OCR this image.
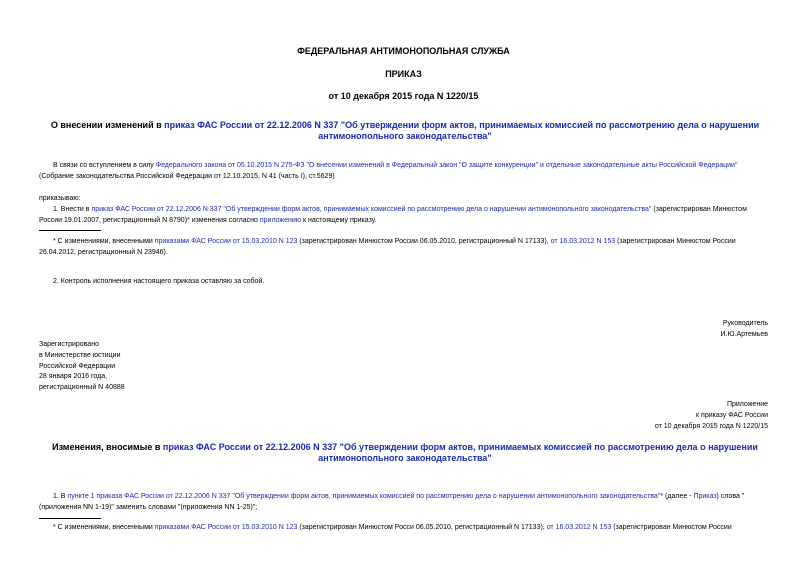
ФЕДЕРАЛЬНАЯ АНТИМОНОПОЛЬНАЯ СЛУЖБА
ПРИКАЗ
от 10 декабря 2015 года N 1220/15
О внесении изменений в приказ ФАС России от 22.12.2006 N 337 "Об утверждении форм актов, принимаемых комиссией по рассмотрению дела о нарушении антимонопольного законодательства"
В связи со вступлением в силу Федерального закона от 05.10.2015 N 275-ФЗ "О внесении изменений в Федеральный закон "О защите конкуренции" и отдельные законодательные акты Российской Федерации" (Собрание законодательства Российской Федерации от 12.10.2015, N 41 (часть I), ст.5629)
приказываю:
1. Внести в приказ ФАС России от 22.12.2006 N 337 "Об утверждении форм актов, принимаемых комиссией по рассмотрению дела о нарушении антимонопольного законодательства" (зарегистрирован Минюстом России 19.01.2007, регистрационный N 8790)* изменения согласно приложению к настоящему приказу.
* С изменениями, внесенными приказами ФАС России от 15.03.2010 N 123 (зарегистрирован Минюстом России 06.05.2010, регистрационный N 17133), от 16.03.2012 N 153 (зарегистрирован Минюстом России 26.04.2012, регистрационный N 23946).
2. Контроль исполнения настоящего приказа оставляю за собой.
Руководитель
И.Ю.Артемьев
Зарегистрировано
в Министерстве юстиции
Российской Федерации
28 января 2016 года,
регистрационный N 40888
Приложение
к приказу ФАС России
от 10 декабря 2015 года N 1220/15
Изменения, вносимые в приказ ФАС России от 22.12.2006 N 337 "Об утверждении форм актов, принимаемых комиссией по рассмотрению дела о нарушении антимонопольного законодательства"
1. В пункте 1 приказа ФАС России от 22.12.2006 N 337 "Об утверждении форм актов, принимаемых комиссией по рассмотрению дела о нарушении антимонопольного законодательства"* (далее - Приказ) слова "(приложения NN 1-19)" заменить словами "(приложения NN 1-25)";
* С изменениями, внесенными приказами ФАС России от 15.03.2010 N 123 (зарегистрирован Минюстом Росси 06.05.2010, регистрационный N 17133), от 16.03.2012 N 153 (зарегистрирован Минюстом России
